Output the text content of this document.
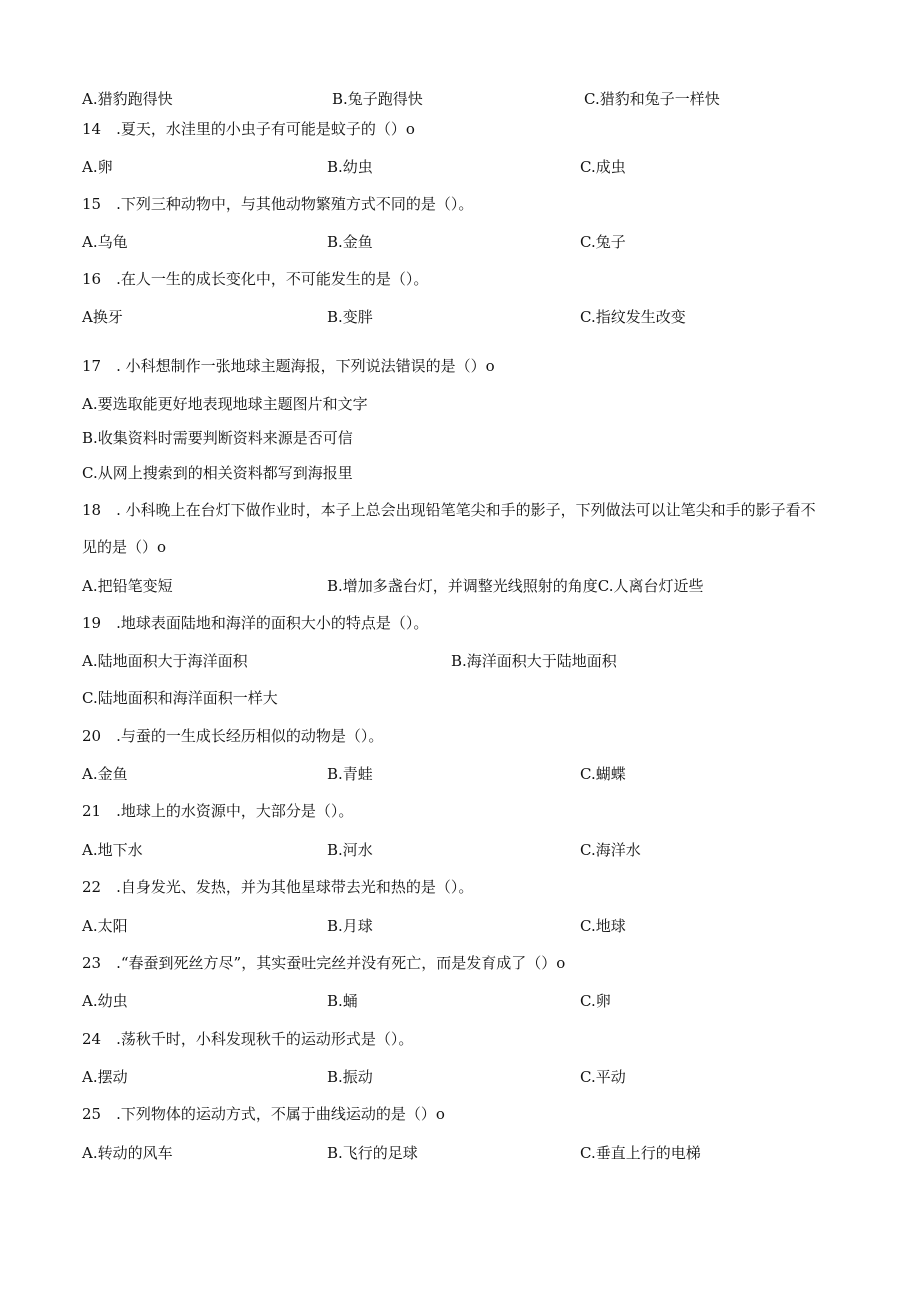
A.猎豹跑得快	B.兔子跑得快	C.猎豹和兔子一样快
14　.夏天，水洼里的小虫子有可能是蚊子的（）o
A.卵	B.幼虫	C.成虫
15　.下列三种动物中，与其他动物繁殖方式不同的是（）。
A.乌龟	B.金鱼	C.兔子
16　.在人一生的成长变化中，不可能发生的是（）。
A换牙	B.变胖	C.指纹发生改变
17　. 小科想制作一张地球主题海报，下列说法错误的是（）o
A.要选取能更好地表现地球主题图片和文字
B.收集资料时需要判断资料来源是否可信
C.从网上搜索到的相关资料都写到海报里
18　. 小科晚上在台灯下做作业时，本子上总会出现铅笔笔尖和手的影子，下列做法可以让笔尖和手的影子看不
见的是（）o
A.把铅笔变短	B.增加多盏台灯，并调整光线照射的角度C.人离台灯近些
19　.地球表面陆地和海洋的面积大小的特点是（）。
A.陆地面积大于海洋面积	B.海洋面积大于陆地面积
C.陆地面积和海洋面积一样大
20　.与蚕的一生成长经历相似的动物是（）。
A.金鱼	B.青蛙	C.蝴蝶
21　.地球上的水资源中，大部分是（）。
A.地下水	B.河水	C.海洋水
22　.自身发光、发热，并为其他星球带去光和热的是（）。
A.太阳	B.月球	C.地球
23　.“春蚕到死丝方尽”，其实蚕吐完丝并没有死亡，而是发育成了（）o
A.幼虫	B.蛹	C.卵
24　.荡秋千时，小科发现秋千的运动形式是（）。
A.摆动	B.振动	C.平动
25　.下列物体的运动方式，不属于曲线运动的是（）o
A.转动的风车	B.飞行的足球	C.垂直上行的电梯
